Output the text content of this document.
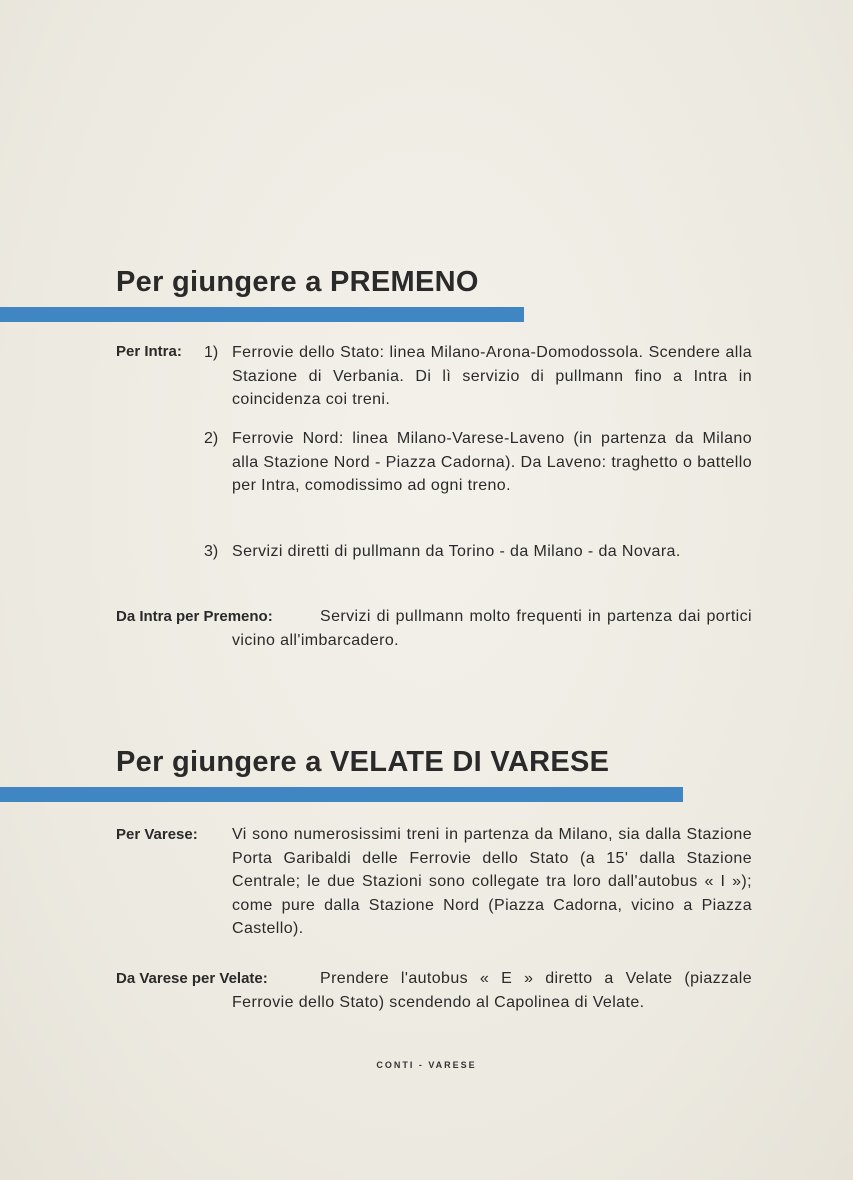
Per giungere a PREMENO
Per Intra: 1) Ferrovie dello Stato: linea Milano-Arona-Domodossola. Scendere alla Stazione di Verbania. Di lì servizio di pullmann fino a Intra in coincidenza coi treni.

2) Ferrovie Nord: linea Milano-Varese-Laveno (in partenza da Milano alla Stazione Nord - Piazza Cadorna). Da Laveno: traghetto o battello per Intra, comodissimo ad ogni treno.

3) Servizi diretti di pullmann da Torino - da Milano - da Novara.

Da Intra per Premeno:	Servizi di pullmann molto frequenti in partenza dai portici vicino all'imbarcadero.

Per giungere a VELATE DI VARESE
Per Varese: Vi sono numerosissimi treni in partenza da Milano, sia dalla Stazione Porta Garibaldi delle Ferrovie dello Stato (a 15' dalla Stazione Centrale; le due Stazioni sono collegate tra loro dall'autobus « I »); come pure dalla Stazione Nord (Piazza Cadorna, vicino a Piazza Castello).

Da Varese per Velate:	Prendere l'autobus « E » diretto a Velate (piazzale Ferrovie dello Stato) scendendo al Capolinea di Velate.

CONTI - VARESE
